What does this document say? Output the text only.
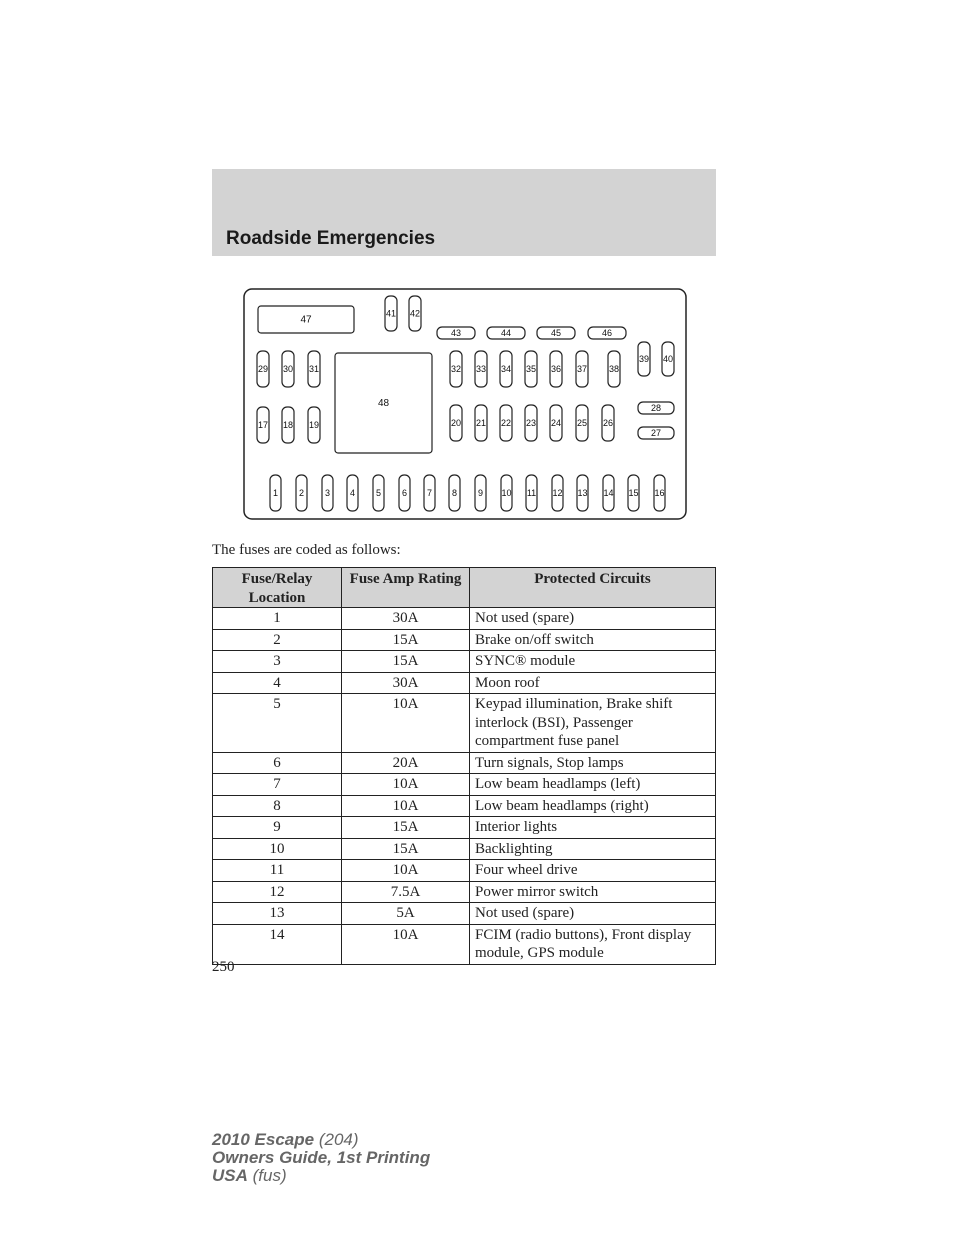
Roadside Emergencies
1 2 3 4 5 6 7 8 9 10 11 12 13 14 15 16
17 18 19	20 21 22 23 24 25 26
27
28
29 30 31	32 33 34 35 36 37 38
39 40
41 42
43	44	45	46
47
48
The fuses are coded as follows:
Fuse/Relay Location	Fuse Amp Rating	Protected Circuits
1	30A	Not used (spare)
2	15A	Brake on/off switch
3	15A	SYNC® module
4	30A	Moon roof
5	10A	Keypad illumination, Brake shift interlock (BSI), Passenger compartment fuse panel
6	20A	Turn signals, Stop lamps
7	10A	Low beam headlamps (left)
8	10A	Low beam headlamps (right)
9	15A	Interior lights
10	15A	Backlighting
11	10A	Four wheel drive
12	7.5A	Power mirror switch
13	5A	Not used (spare)
14	10A	FCIM (radio buttons), Front display module, GPS module
250
2010 Escape (204)
Owners Guide, 1st Printing
USA (fus)
